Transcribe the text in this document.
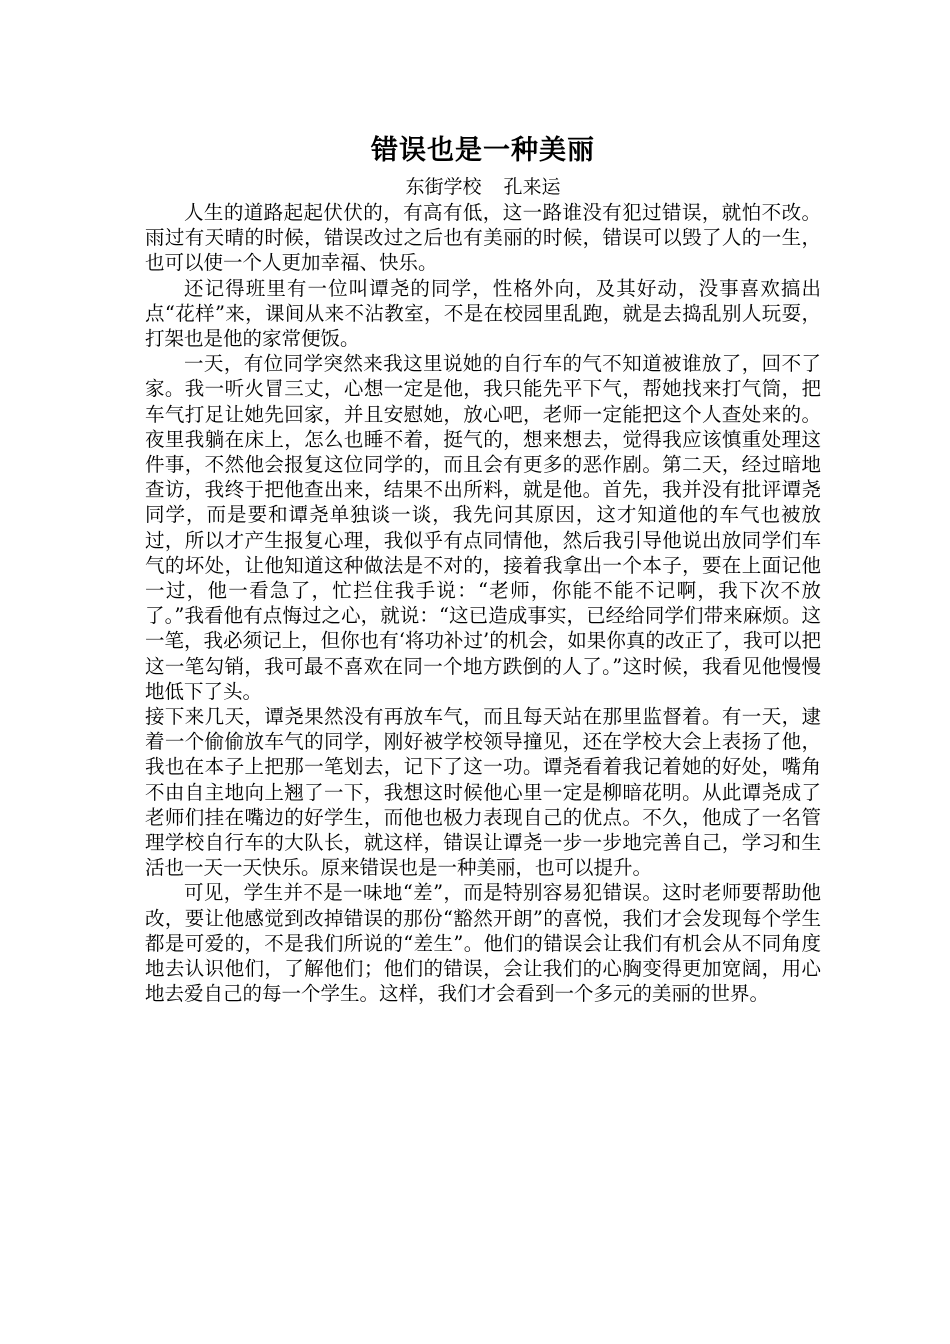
错误也是一种美丽

东街学校 孔来运

人生的道路起起伏伏的，有高有低，这一路谁没有犯过错误，就怕不改。雨过有天晴的时候，错误改过之后也有美丽的时候，错误可以毁了人的一生，也可以使一个人更加幸福、快乐。

还记得班里有一位叫谭尧的同学，性格外向，及其好动，没事喜欢搞出点“花样”来，课间从来不沾教室，不是在校园里乱跑，就是去捣乱别人玩耍，打架也是他的家常便饭。

一天，有位同学突然来我这里说她的自行车的气不知道被谁放了，回不了家。我一听火冒三丈，心想一定是他，我只能先平下气，帮她找来打气筒，把车气打足让她先回家，并且安慰她，放心吧，老师一定能把这个人查处来的。夜里我躺在床上，怎么也睡不着，挺气的，想来想去，觉得我应该慎重处理这件事，不然他会报复这位同学的，而且会有更多的恶作剧。第二天，经过暗地查访，我终于把他查出来，结果不出所料，就是他。首先，我并没有批评谭尧同学，而是要和谭尧单独谈一谈，我先问其原因，这才知道他的车气也被放过，所以才产生报复心理，我似乎有点同情他，然后我引导他说出放同学们车气的坏处，让他知道这种做法是不对的，接着我拿出一个本子，要在上面记他一过，他一看急了，忙拦住我手说：“老师，你能不能不记啊，我下次不放了。”我看他有点悔过之心，就说：“这已造成事实，已经给同学们带来麻烦。这一笔，我必须记上，但你也有‘将功补过’的机会，如果你真的改正了，我可以把这一笔勾销，我可最不喜欢在同一个地方跌倒的人了。”这时候，我看见他慢慢地低下了头。

接下来几天，谭尧果然没有再放车气，而且每天站在那里监督着。有一天，逮着一个偷偷放车气的同学，刚好被学校领导撞见，还在学校大会上表扬了他，我也在本子上把那一笔划去，记下了这一功。谭尧看着我记着她的好处，嘴角不由自主地向上翘了一下，我想这时候他心里一定是柳暗花明。从此谭尧成了老师们挂在嘴边的好学生，而他也极力表现自己的优点。不久，他成了一名管理学校自行车的大队长，就这样，错误让谭尧一步一步地完善自己，学习和生活也一天一天快乐。原来错误也是一种美丽，也可以提升。

可见，学生并不是一味地“差”，而是特别容易犯错误。这时老师要帮助他改，要让他感觉到改掉错误的那份“豁然开朗”的喜悦，我们才会发现每个学生都是可爱的，不是我们所说的“差生”。他们的错误会让我们有机会从不同角度地去认识他们，了解他们；他们的错误，会让我们的心胸变得更加宽阔，用心地去爱自己的每一个学生。这样，我们才会看到一个多元的美丽的世界。
